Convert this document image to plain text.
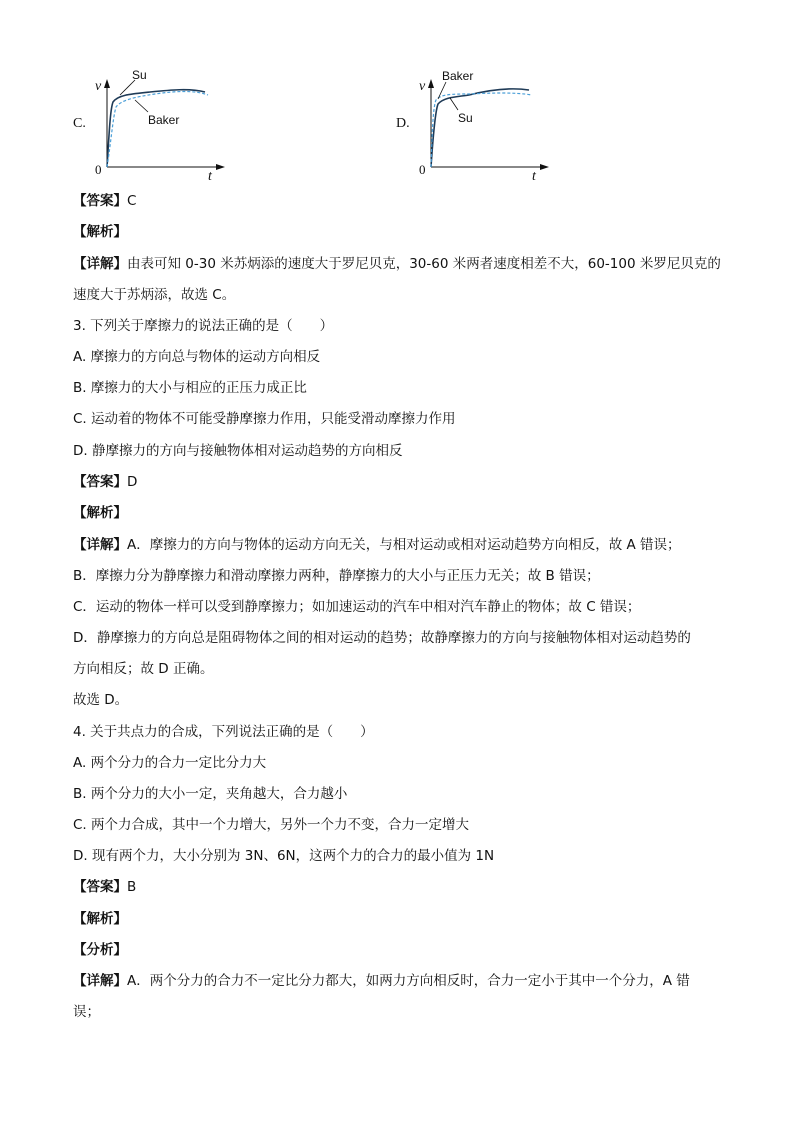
C.
v
t
0
Su
Baker	D.
v
t
0
Baker
Su
【答案】C
【解析】
【详解】由表可知 0-30 米苏炳添的速度大于罗尼贝克，30-60 米两者速度相差不大，60-100 米罗尼贝克的
速度大于苏炳添，故选 C。
3. 下列关于摩擦力的说法正确的是（　　）
A. 摩擦力的方向总与物体的运动方向相反
B. 摩擦力的大小与相应的正压力成正比
C. 运动着的物体不可能受静摩擦力作用，只能受滑动摩擦力作用
D. 静摩擦力的方向与接触物体相对运动趋势的方向相反
【答案】D
【解析】
【详解】A．摩擦力的方向与物体的运动方向无关，与相对运动或相对运动趋势方向相反，故 A 错误；
B．摩擦力分为静摩擦力和滑动摩擦力两种，静摩擦力的大小与正压力无关；故 B 错误；
C．运动的物体一样可以受到静摩擦力；如加速运动的汽车中相对汽车静止的物体；故 C 错误；
D．静摩擦力的方向总是阻碍物体之间的相对运动的趋势；故静摩擦力的方向与接触物体相对运动趋势的
方向相反；故 D 正确。
故选 D。
4. 关于共点力的合成，下列说法正确的是（　　）
A. 两个分力的合力一定比分力大
B. 两个分力的大小一定，夹角越大，合力越小
C. 两个力合成，其中一个力增大，另外一个力不变，合力一定增大
D. 现有两个力，大小分别为 3N、6N，这两个力的合力的最小值为 1N
【答案】B
【解析】
【分析】
【详解】A．两个分力的合力不一定比分力都大，如两力方向相反时，合力一定小于其中一个分力，A 错
误；
